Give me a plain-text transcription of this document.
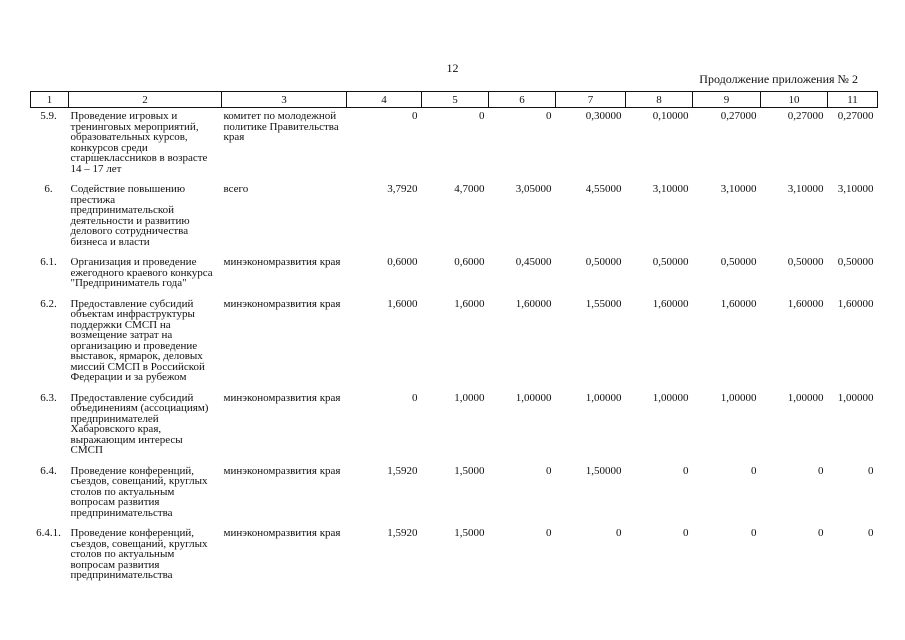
12
Продолжение приложения № 2
1	2	3	4	5	6	7	8	9	10	11
5.9.	Проведение игровых и тренинговых мероприятий, образовательных курсов, конкурсов среди старшеклассников в возрасте 14 – 17 лет	комитет по молодежной политике Правительства края	0	0	0	0,30000	0,10000	0,27000	0,27000	0,27000
6.	Содействие повышению престижа предпринимательской деятельности и развитию делового сотрудничества бизнеса и власти	всего	3,7920	4,7000	3,05000	4,55000	3,10000	3,10000	3,10000	3,10000
6.1.	Организация и проведение ежегодного краевого конкурса "Предприниматель года"	минэкономразвития края	0,6000	0,6000	0,45000	0,50000	0,50000	0,50000	0,50000	0,50000
6.2.	Предоставление субсидий объектам инфраструктуры поддержки СМСП на возмещение затрат на организацию и проведение выставок, ярмарок, деловых миссий СМСП в Российской Федерации и за рубежом	минэкономразвития края	1,6000	1,6000	1,60000	1,55000	1,60000	1,60000	1,60000	1,60000
6.3.	Предоставление субсидий объединениям (ассоциациям) предпринимателей Хабаровского края, выражающим интересы СМСП	минэкономразвития края	0	1,0000	1,00000	1,00000	1,00000	1,00000	1,00000	1,00000
6.4.	Проведение конференций, съездов, совещаний, круглых столов по актуальным вопросам развития предпринимательства	минэкономразвития края	1,5920	1,5000	0	1,50000	0	0	0	0
6.4.1.	Проведение конференций, съездов, совещаний, круглых столов по актуальным вопросам развития предпринимательства	минэкономразвития края	1,5920	1,5000	0	0	0	0	0	0
